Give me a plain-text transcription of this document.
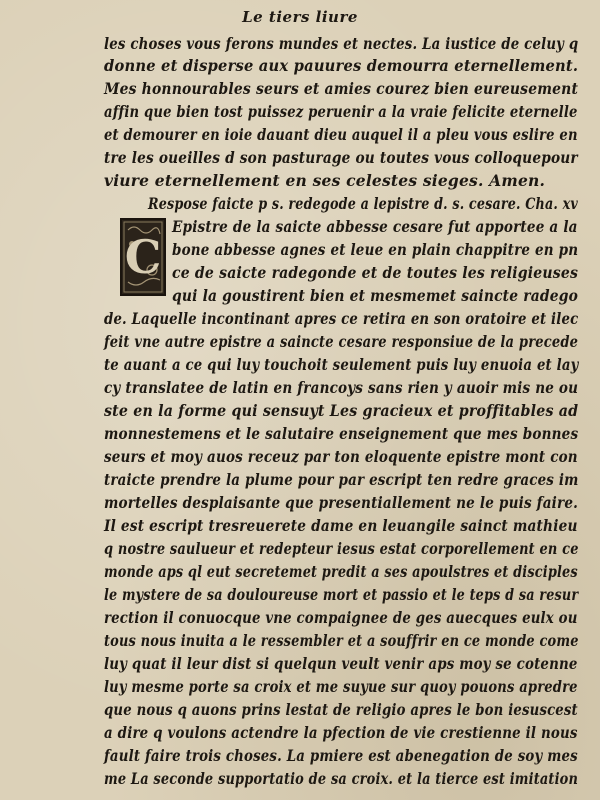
Le tiers liure
les choses vous ferons mundes et nectes. La iustice de celuy q
donne et disperse aux pauures demourra eternellement.
Mes honnourables seurs et amies courez bien eureusement
affin que bien tost puissez peruenir a la vraie felicite eternelle
et demourer en ioie dauant dieu auquel il a pleu vous eslire en
tre les oueilles d son pasturage ou toutes vous colloquepour
viure eternellement en ses celestes sieges. Amen.
Respose faicte p s. redegode a lepistre d. s. cesare. Cha. xv
Epistre de la saicte abbesse cesare fut apportee a la
bone abbesse agnes et leue en plain chappitre en pn
ce de saicte radegonde et de toutes les religieuses
qui la goustirent bien et mesmemet saincte radego
de. Laquelle incontinant apres ce retira en son oratoire et ilec
feit vne autre epistre a saincte cesare responsiue de la precede
te auant a ce qui luy touchoit seulement puis luy enuoia et lay
cy translatee de latin en francoys sans rien y auoir mis ne ou
ste en la forme qui sensuyt Les gracieux et proffitables ad
monnestemens et le salutaire enseignement que mes bonnes
seurs et moy auos receuz par ton eloquente epistre mont con
traicte prendre la plume pour par escript ten redre graces im
mortelles desplaisante que presentiallement ne le puis faire.
Il est escript tresreuerete dame en leuangile sainct mathieu
q nostre saulueur et redepteur iesus estat corporellement en ce
monde aps ql eut secretemet predit a ses apoulstres et disciples
le mystere de sa douloureuse mort et passio et le teps d sa resur
rection il conuocque vne compaignee de ges auecques eulx ou
tous nous inuita a le ressembler et a souffrir en ce monde come
luy quat il leur dist si quelqun veult venir aps moy se cotenne
luy mesme porte sa croix et me suyue sur quoy pouons apredre
que nous q auons prins lestat de religio apres le bon iesuscest
a dire q voulons actendre la pfection de vie crestienne il nous
fault faire trois choses. La pmiere est abenegation de soy mes
me La seconde supportatio de sa croix. et la tierce est imitation
C
